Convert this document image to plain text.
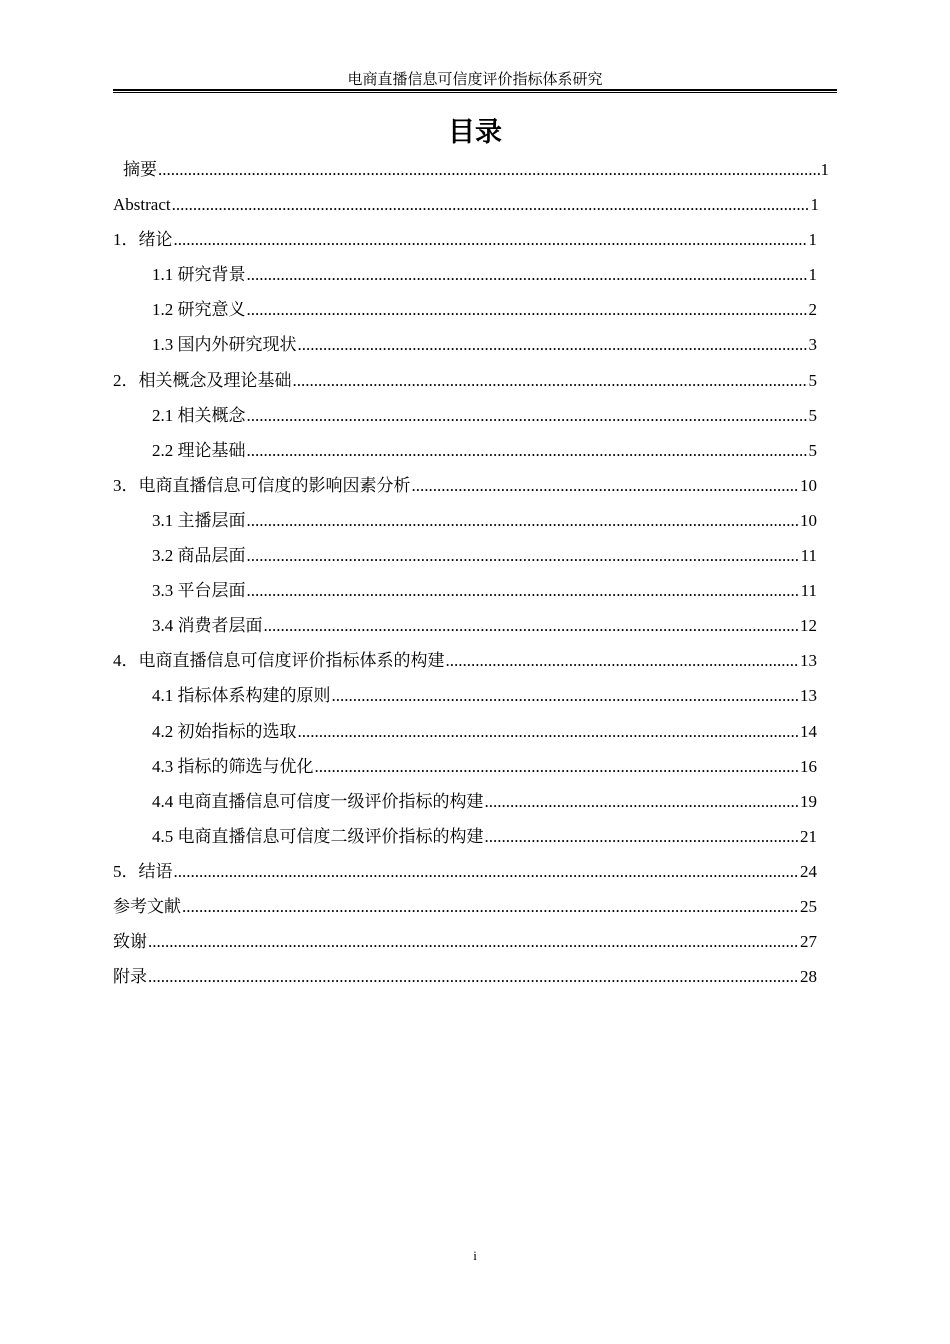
电商直播信息可信度评价指标体系研究
目录
摘要 .....	1
Abstract .....	1
1．绪论 .....	1
1.1 研究背景 .....	1
1.2 研究意义 .....	2
1.3 国内外研究现状 .....	3
2．相关概念及理论基础 .....	5
2.1 相关概念 .....	5
2.2 理论基础 .....	5
3．电商直播信息可信度的影响因素分析 .....	10
3.1 主播层面 .....	10
3.2 商品层面 .....	11
3.3 平台层面 .....	11
3.4 消费者层面 .....	12
4．电商直播信息可信度评价指标体系的构建 .....	13
4.1 指标体系构建的原则 .....	13
4.2 初始指标的选取 .....	14
4.3 指标的筛选与优化 .....	16
4.4 电商直播信息可信度一级评价指标的构建 .....	19
4.5 电商直播信息可信度二级评价指标的构建 .....	21
5．结语 .....	24
参考文献 .....	25
致谢 .....	27
附录 .....	28
i
